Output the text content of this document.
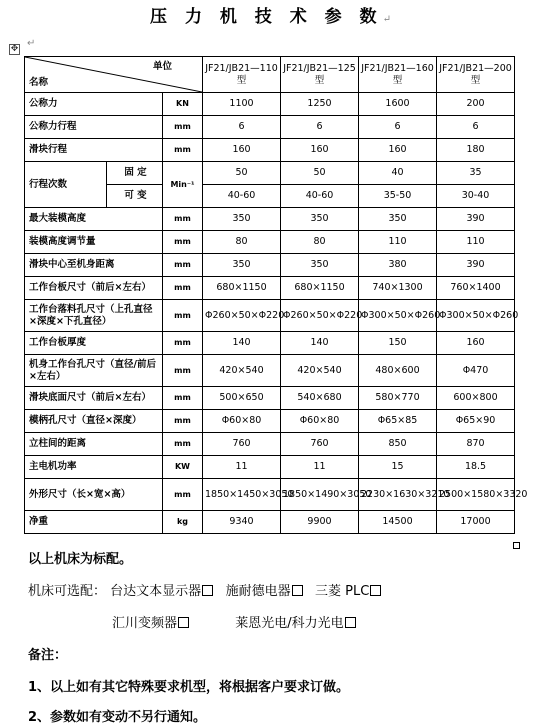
压 力 机 技 术 参 数↵
✥ ↵
单位
名称			JF21/JB21—110 型	JF21/JB21—125 型	JF21/JB21—160 型	JF21/JB21—200 型
公称力		KN	1100	1250	1600	200
公称力行程		mm	6	6	6	6
滑块行程		mm	160	160	160	180
行程次数	固 定	Min⁻¹	50	50	40	35
	可 变		40-60	40-60	35-50	30-40
最大装模高度		mm	350	350	350	390
装模高度调节量		mm	80	80	110	110
滑块中心至机身距离		mm	350	350	380	390
工作台板尺寸（前后×左右）		mm	680×1150	680×1150	740×1300	760×1400
工作台落料孔尺寸（上孔直径×深度×下孔直径）		mm	Φ260×50×Φ220	Φ260×50×Φ220	Φ300×50×Φ260	Φ300×50×Φ260
工作台板厚度		mm	140	140	150	160
机身工作台孔尺寸（直径/前后×左右）		mm	420×540	420×540	480×600	Φ470
滑块底面尺寸（前后×左右）		mm	500×650	540×680	580×770	600×800
模柄孔尺寸（直径×深度）		mm	Φ60×80	Φ60×80	Φ65×85	Φ65×90
立柱间的距离		mm	760	760	850	870
主电机功率		KW	11	11	15	18.5
外形尺寸（长×宽×高）		mm	1850×1450×3050	1850×1490×3050	2230×1630×3210	2500×1580×3320
净重		kg	9340	9900	14500	17000
以上机床为标配。
机床可选配： 台达文本显示器 施耐德电器 三菱 PLC
汇川变频器	莱恩光电/科力光电
备注：
1、以上如有其它特殊要求机型，将根据客户要求订做。
2、参数如有变动不另行通知。
